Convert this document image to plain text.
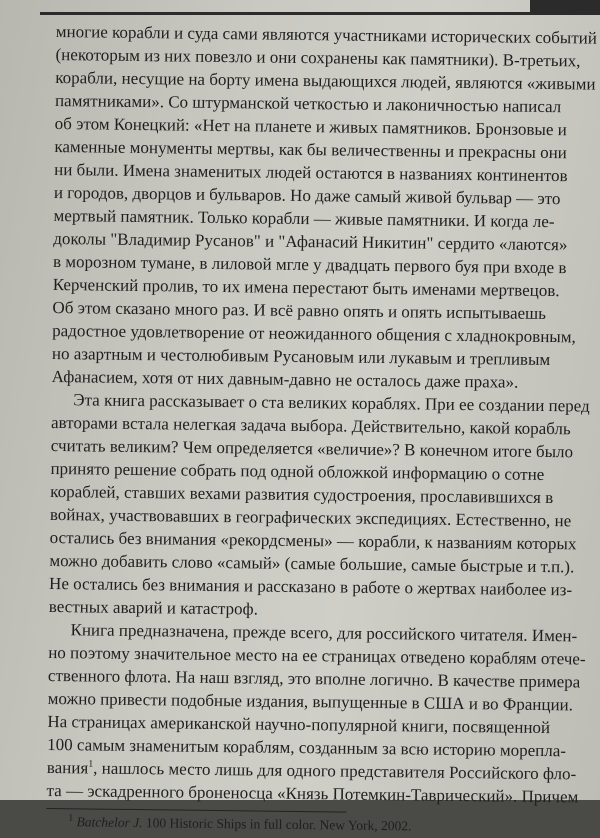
многие корабли и суда сами являются участниками исторических событий
(некоторым из них повезло и они сохранены как памятники). В-третьих,
корабли, несущие на борту имена выдающихся людей, являются «живыми
памятниками». Со штурманской четкостью и лаконичностью написал
об этом Конецкий: «Нет на планете и живых памятников. Бронзовые и
каменные монументы мертвы, как бы величественны и прекрасны они
ни были. Имена знаменитых людей остаются в названиях континентов
и городов, дворцов и бульваров. Но даже самый живой бульвар — это
мертвый памятник. Только корабли — живые памятники. И когда ле-
доколы "Владимир Русанов" и "Афанасий Никитин" сердито «лаются»
в морозном тумане, в лиловой мгле у двадцать первого буя при входе в
Керченский пролив, то их имена перестают быть именами мертвецов.
Об этом сказано много раз. И всё равно опять и опять испытываешь
радостное удовлетворение от неожиданного общения с хладнокровным,
но азартным и честолюбивым Русановым или лукавым и трепливым
Афанасием, хотя от них давным-давно не осталось даже праха».
Эта книга рассказывает о ста великих кораблях. При ее создании перед
авторами встала нелегкая задача выбора. Действительно, какой корабль
считать великим? Чем определяется «величие»? В конечном итоге было
принято решение собрать под одной обложкой информацию о сотне
кораблей, ставших вехами развития судостроения, прославившихся в
войнах, участвовавших в географических экспедициях. Естественно, не
остались без внимания «рекордсмены» — корабли, к названиям которых
можно добавить слово «самый» (самые большие, самые быстрые и т.п.).
Не остались без внимания и рассказано в работе о жертвах наиболее из-
вестных аварий и катастроф.
Книга предназначена, прежде всего, для российского читателя. Имен-
но поэтому значительное место на ее страницах отведено кораблям отече-
ственного флота. На наш взгляд, это вполне логично. В качестве примера
можно привести подобные издания, выпущенные в США и во Франции.
На страницах американской научно-популярной книги, посвященной
100 самым знаменитым кораблям, созданным за всю историю морепла-
вания$^1$, нашлось место лишь для одного представителя Российского фло-
та — эскадренного броненосца «Князь Потемкин-Таврический». Причем
$^1$ Batchelor J. 100 Historic Ships in full color. New York, 2002.
